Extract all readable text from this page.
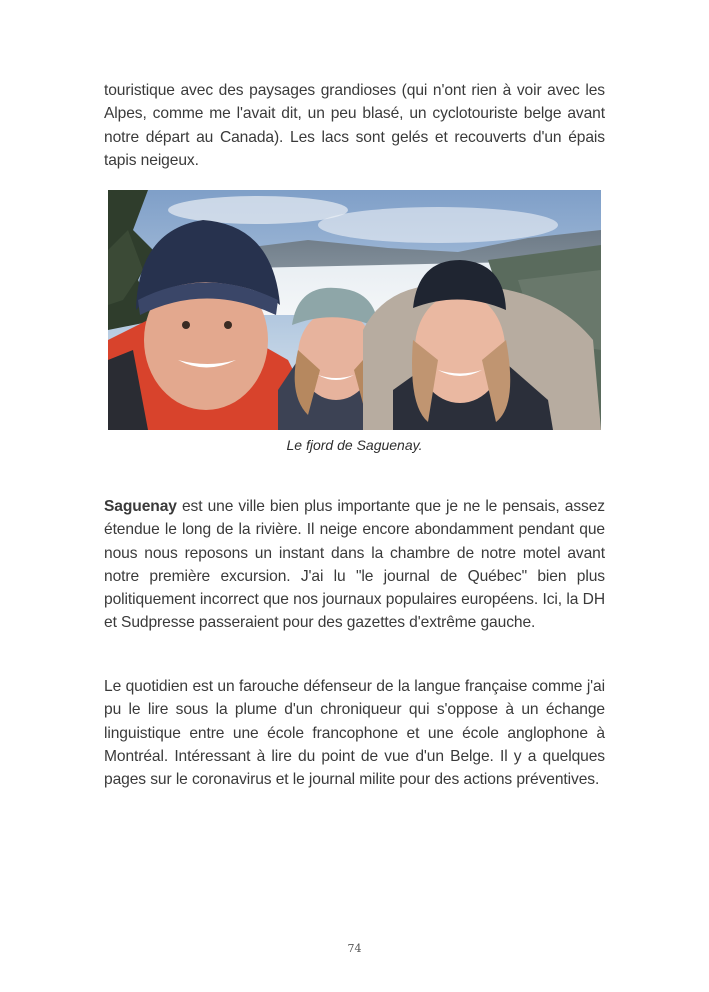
touristique avec des paysages grandioses (qui n'ont rien à voir avec les Alpes, comme me l'avait dit, un peu blasé, un cyclotouriste belge avant notre départ au Canada). Les lacs sont gelés et recouverts d'un épais tapis neigeux.

Le fjord de Saguenay.

Saguenay est une ville bien plus importante que je ne le pensais, assez étendue le long de la rivière. Il neige encore abondamment pendant que nous nous reposons un instant dans la chambre de notre motel avant notre première excursion. J'ai lu "le journal de Québec" bien plus politiquement incorrect que nos journaux populaires européens. Ici, la DH et Sudpresse passeraient pour des gazettes d'extrême gauche.

Le quotidien est un farouche défenseur de la langue française comme j'ai pu le lire sous la plume d'un chroniqueur qui s'oppose à un échange linguistique entre une école francophone et une école anglophone à Montréal. Intéressant à lire du point de vue d'un Belge. Il y a quelques pages sur le coronavirus et le journal milite pour des actions préventives.

74
